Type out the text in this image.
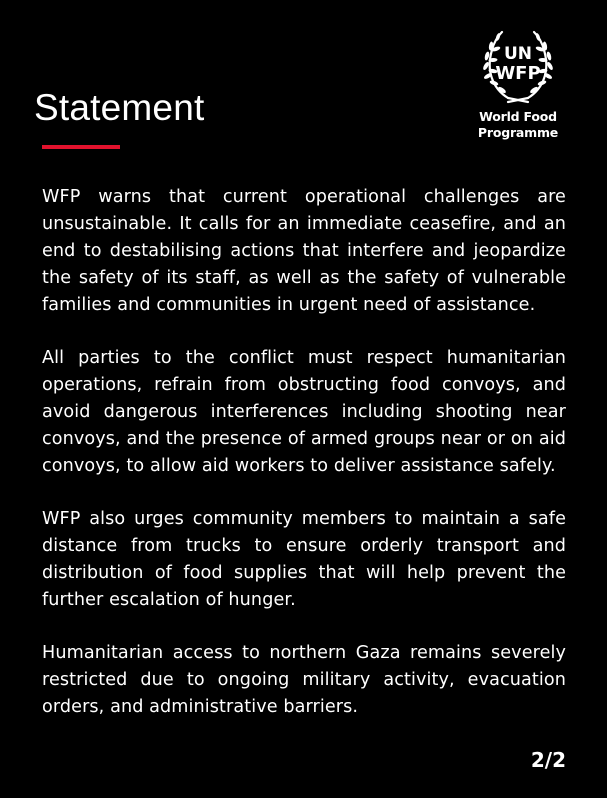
Statement
UN
WFP
World Food
Programme

WFP warns that current operational challenges are unsustainable. It calls for an immediate ceasefire, and an end to destabilising actions that interfere and jeopardize the safety of its staff, as well as the safety of vulnerable families and communities in urgent need of assistance.

All parties to the conflict must respect humanitarian operations, refrain from obstructing food convoys, and avoid dangerous interferences including shooting near convoys, and the presence of armed groups near or on aid convoys, to allow aid workers to deliver assistance safely.

WFP also urges community members to maintain a safe distance from trucks to ensure orderly transport and distribution of food supplies that will help prevent the further escalation of hunger.

Humanitarian access to northern Gaza remains severely restricted due to ongoing military activity, evacuation orders, and administrative barriers.

2/2
